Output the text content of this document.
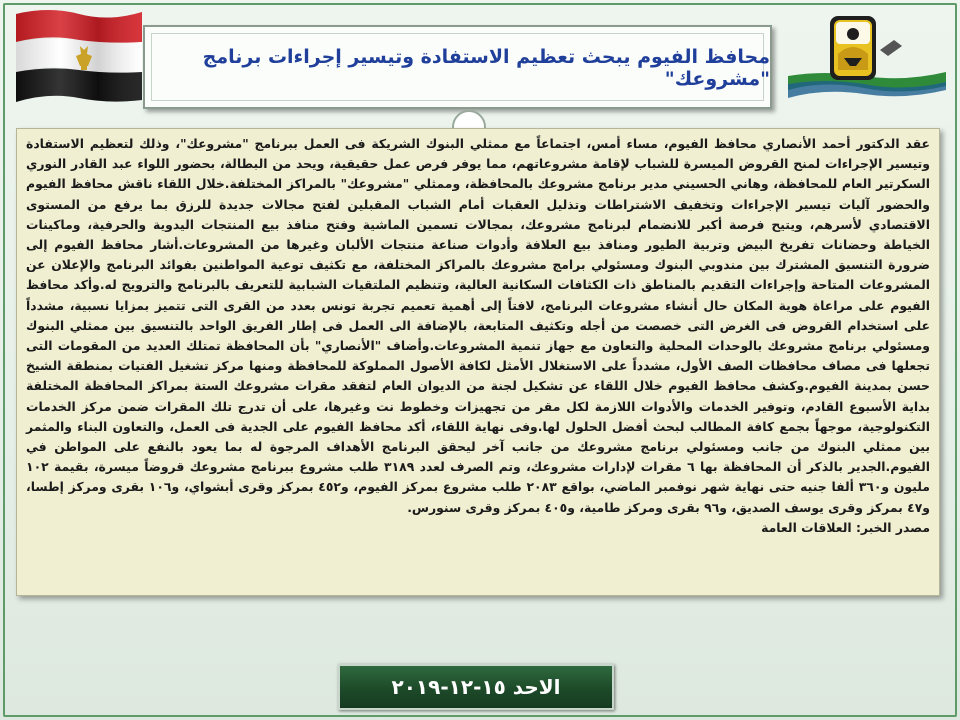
محافظ الفيوم يبحث تعظيم الاستفادة وتيسير إجراءات برنامج "مشروعك"

عقد الدكتور أحمد الأنصاري محافظ الفيوم، مساء أمس، اجتماعاً مع ممثلي البنوك الشريكة فى العمل ببرنامج "مشروعك"، وذلك لتعظيم الاستفادة وتيسير الإجراءات لمنح القروض الميسرة للشباب لإقامة مشروعاتهم، مما يوفر فرص عمل حقيقية، ويحد من البطالة، بحضور اللواء عبد القادر النوري السكرتير العام للمحافظة، وهاني الحسيني مدير برنامج مشروعك بالمحافظة، وممثلي "مشروعك" بالمراكز المختلفة.خلال اللقاء ناقش محافظ الفيوم والحضور آليات تيسير الإجراءات وتخفيف الاشتراطات وتذليل العقبات أمام الشباب المقبلين لفتح مجالات جديدة للرزق بما يرفع من المستوى الاقتصادي لأسرهم، ويتيح فرصة أكبر للانضمام لبرنامج مشروعك، بمجالات تسمين الماشية وفتح منافذ بيع المنتجات اليدوية والحرفية، وماكينات الخياطة وحضانات تفريخ البيض وتربية الطيور ومنافذ بيع العلافة وأدوات صناعة منتجات الألبان وغيرها من المشروعات.أشار محافظ الفيوم إلى ضرورة التنسيق المشترك بين مندوبي البنوك ومسئولي برامج مشروعك بالمراكز المختلفة، مع تكثيف توعية المواطنين بفوائد البرنامج والإعلان عن المشروعات المتاحة وإجراءات التقديم بالمناطق ذات الكثافات السكانية العالية، وتنظيم الملتقيات الشبابية للتعريف بالبرنامج والترويج له.وأكد محافظ الفيوم على مراعاة هوية المكان حال أنشاء مشروعات البرنامج، لافتاً إلى أهمية تعميم تجربة تونس بعدد من القرى التى تتميز بمزايا نسبية، مشدداً على استخدام القروض فى الغرض التى خصصت من أجله وتكثيف المتابعة، بالإضافة الى العمل فى إطار الفريق الواحد بالتنسيق بين ممثلي البنوك ومسئولي برنامج مشروعك بالوحدات المحلية والتعاون مع جهاز تنمية المشروعات.وأضاف "الأنصاري" بأن المحافظة تمتلك العديد من المقومات التى تجعلها فى مصاف محافظات الصف الأول، مشدداً على الاستغلال الأمثل لكافة الأصول المملوكة للمحافظة ومنها مركز تشغيل الفتيات بمنطقة الشيخ حسن بمدينة الفيوم.وكشف محافظ الفيوم خلال اللقاء عن تشكيل لجنة من الديوان العام لتفقد مقرات مشروعك الستة بمراكز المحافظة المختلفة بداية الأسبوع القادم، وتوفير الخدمات والأدوات اللازمة لكل مقر من تجهيزات وخطوط نت وغيرها، على أن تدرج تلك المقرات ضمن مركز الخدمات التكنولوجية، موجهاً بجمع كافة المطالب لبحث أفضل الحلول لها.وفى نهاية اللقاء، أكد محافظ الفيوم على الجدية فى العمل، والتعاون البناء والمثمر بين ممثلي البنوك من جانب ومسئولي برنامج مشروعك من جانب آخر ليحقق البرنامج الأهداف المرجوة له بما يعود بالنفع على المواطن في الفيوم.الجدير بالذكر أن المحافظة بها ٦ مقرات لإدارات مشروعك، وتم الصرف لعدد ٣١٨٩ طلب مشروع ببرنامج مشروعك قروضاً ميسرة، بقيمة ١٠٢ مليون و٣٦٠ ألفا جنيه حتى نهاية شهر نوفمبر الماضي، بواقع ٢٠٨٣ طلب مشروع بمركز الفيوم، و٤٥٢ بمركز وقرى أبشواي، و١٠٦ بقرى ومركز إطسا، و٤٧ بمركز وقرى يوسف الصديق، و٩٦ بقرى ومركز طامية، و٤٠٥ بمركز وقرى سنورس.

مصدر الخبر: العلاقات العامة

الاحد ١٥-١٢-٢٠١٩
